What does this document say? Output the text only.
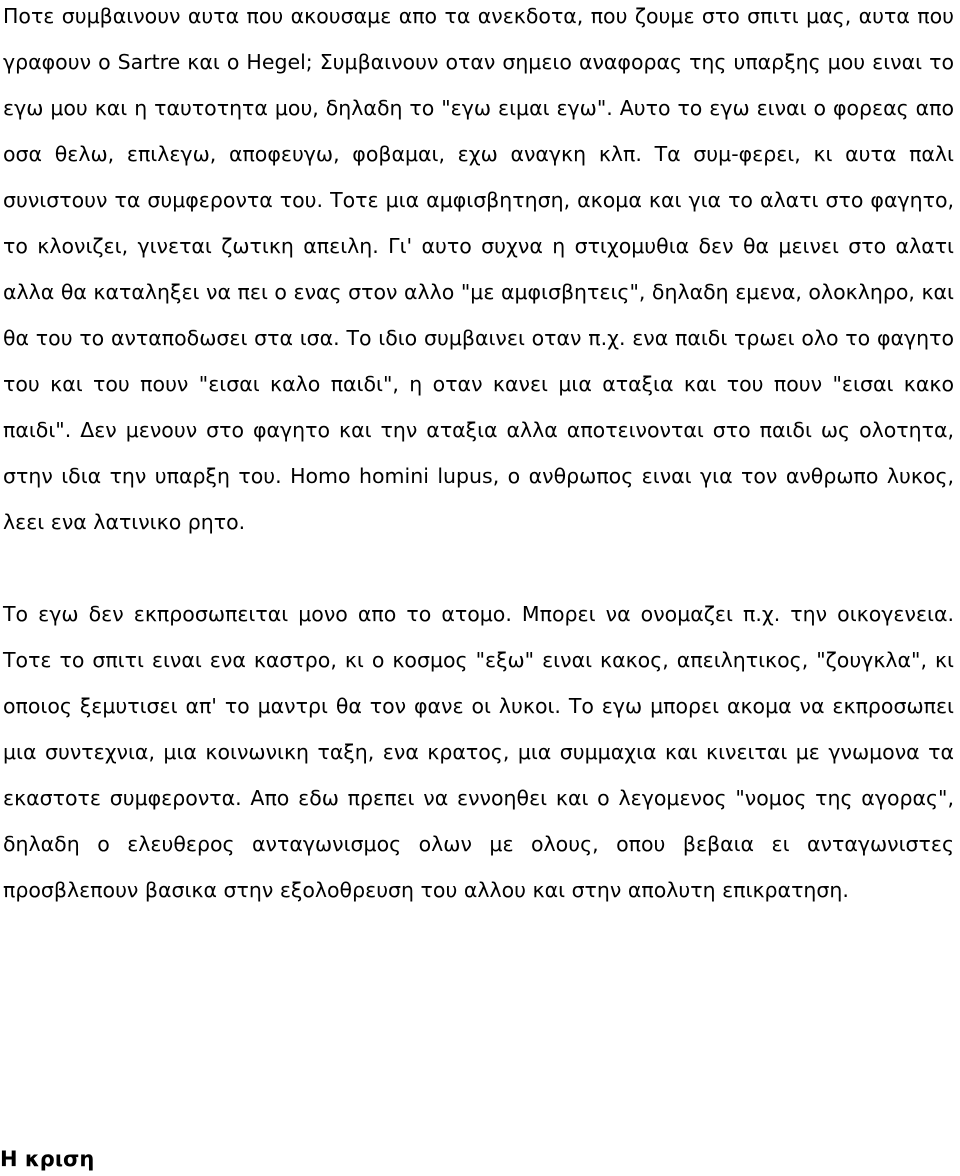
Ποτε συμβαινουν αυτα που ακουσαμε απο τα ανεκδοτα, που ζουμε στο σπιτι μας, αυτα που γραφουν ο Sartre και ο Hegel; Συμβαινουν οταν σημειο αναφορας της υπαρξης μου ειναι το εγω μου και η ταυτοτητα μου, δηλαδη το "εγω ειμαι εγω". Αυτο το εγω ειναι ο φορεας απο οσα θελω, επιλεγω, αποφευγω, φοβαμαι, εχω αναγκη κλπ. Τα συμ-φερει, κι αυτα παλι συνιστουν τα συμφεροντα του. Τοτε μια αμφισβητηση, ακομα και για το αλατι στο φαγητο, το κλονιζει, γινεται ζωτικη απειλη. Γι' αυτο συχνα η στιχομυθια δεν θα μεινει στο αλατι αλλα θα καταληξει να πει ο ενας στον αλλο "με αμφισβητεις", δηλαδη εμενα, ολοκληρο, και θα του το ανταποδωσει στα ισα. Το ιδιο συμβαινει οταν π.χ. ενα παιδι τρωει ολο το φαγητο του και του πουν "εισαι καλο παιδι", η οταν κανει μια αταξια και του πουν "εισαι κακο παιδι". Δεν μενουν στο φαγητο και την αταξια αλλα αποτεινονται στο παιδι ως ολοτητα, στην ιδια την υπαρξη του. Homo homini lupus, ο ανθρωπος ειναι για τον ανθρωπο λυκος, λεει ενα λατινικο ρητο.

Το εγω δεν εκπροσωπειται μονο απο το ατομο. Μπορει να ονομαζει π.χ. την οικογενεια. Τοτε το σπιτι ειναι ενα καστρο, κι ο κοσμος "εξω" ειναι κακος, απειλητικος, "ζουγκλα", κι οποιος ξεμυτισει απ' το μαντρι θα τον φανε οι λυκοι. Το εγω μπορει ακομα να εκπροσωπει μια συντεχνια, μια κοινωνικη ταξη, ενα κρατος, μια συμμαχια και κινειται με γνωμονα τα εκαστοτε συμφεροντα. Απο εδω πρεπει να εννοηθει και ο λεγομενος "νομος της αγορας", δηλαδη ο ελευθερος ανταγωνισμος ολων με ολους, οπου βεβαια ει ανταγωνιστες προσβλεπουν βασικα στην εξολοθρευση του αλλου και στην απολυτη επικρατηση.

Η κριση
